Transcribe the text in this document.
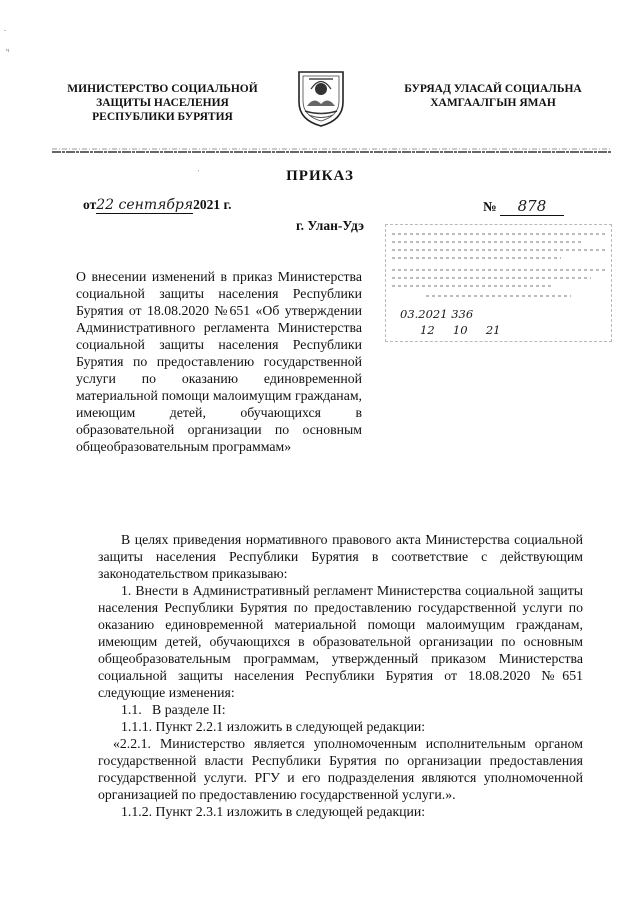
-
ч
'
МИНИСТЕРСТВО СОЦИАЛЬНОЙ
ЗАЩИТЫ НАСЕЛЕНИЯ
РЕСПУБЛИКИ БУРЯТИЯ
БУРЯАД УЛАСАЙ СОЦИАЛЬНА
ХАМГААЛГЫН ЯМАН
ПРИКАЗ
от22 сентября2021 г.	№ 878
г. Улан-Удэ
03.2021 336
12     10     21
О внесении изменений в приказ Министерства социальной защиты населения Республики Бурятия от 18.08.2020 №651 «Об утверждении Административного регламента Министерства социальной защиты населения Республики Бурятия по предоставлению государственной услуги по оказанию единовременной материальной помощи малоимущим гражданам, имеющим детей, обучающихся в образовательной организации по основным общеобразовательным программам»

В целях приведения нормативного правового акта Министерства социальной защиты населения Республики Бурятия в соответствие с действующим законодательством приказываю:

1. Внести в Административный регламент Министерства социальной защиты населения Республики Бурятия по предоставлению государственной услуги по оказанию единовременной материальной помощи малоимущим гражданам, имеющим детей, обучающихся в образовательной организации по основным общеобразовательным программам, утвержденный приказом Министерства социальной защиты населения Республики Бурятия от 18.08.2020 №651 следующие изменения:

1.1.   В разделе II:

1.1.1. Пункт 2.2.1 изложить в следующей редакции:

«2.2.1. Министерство является уполномоченным исполнительным органом государственной власти Республики Бурятия по организации предоставления государственной услуги. РГУ и его подразделения являются уполномоченной организацией по предоставлению государственной услуги.».

1.1.2. Пункт 2.3.1 изложить в следующей редакции:
